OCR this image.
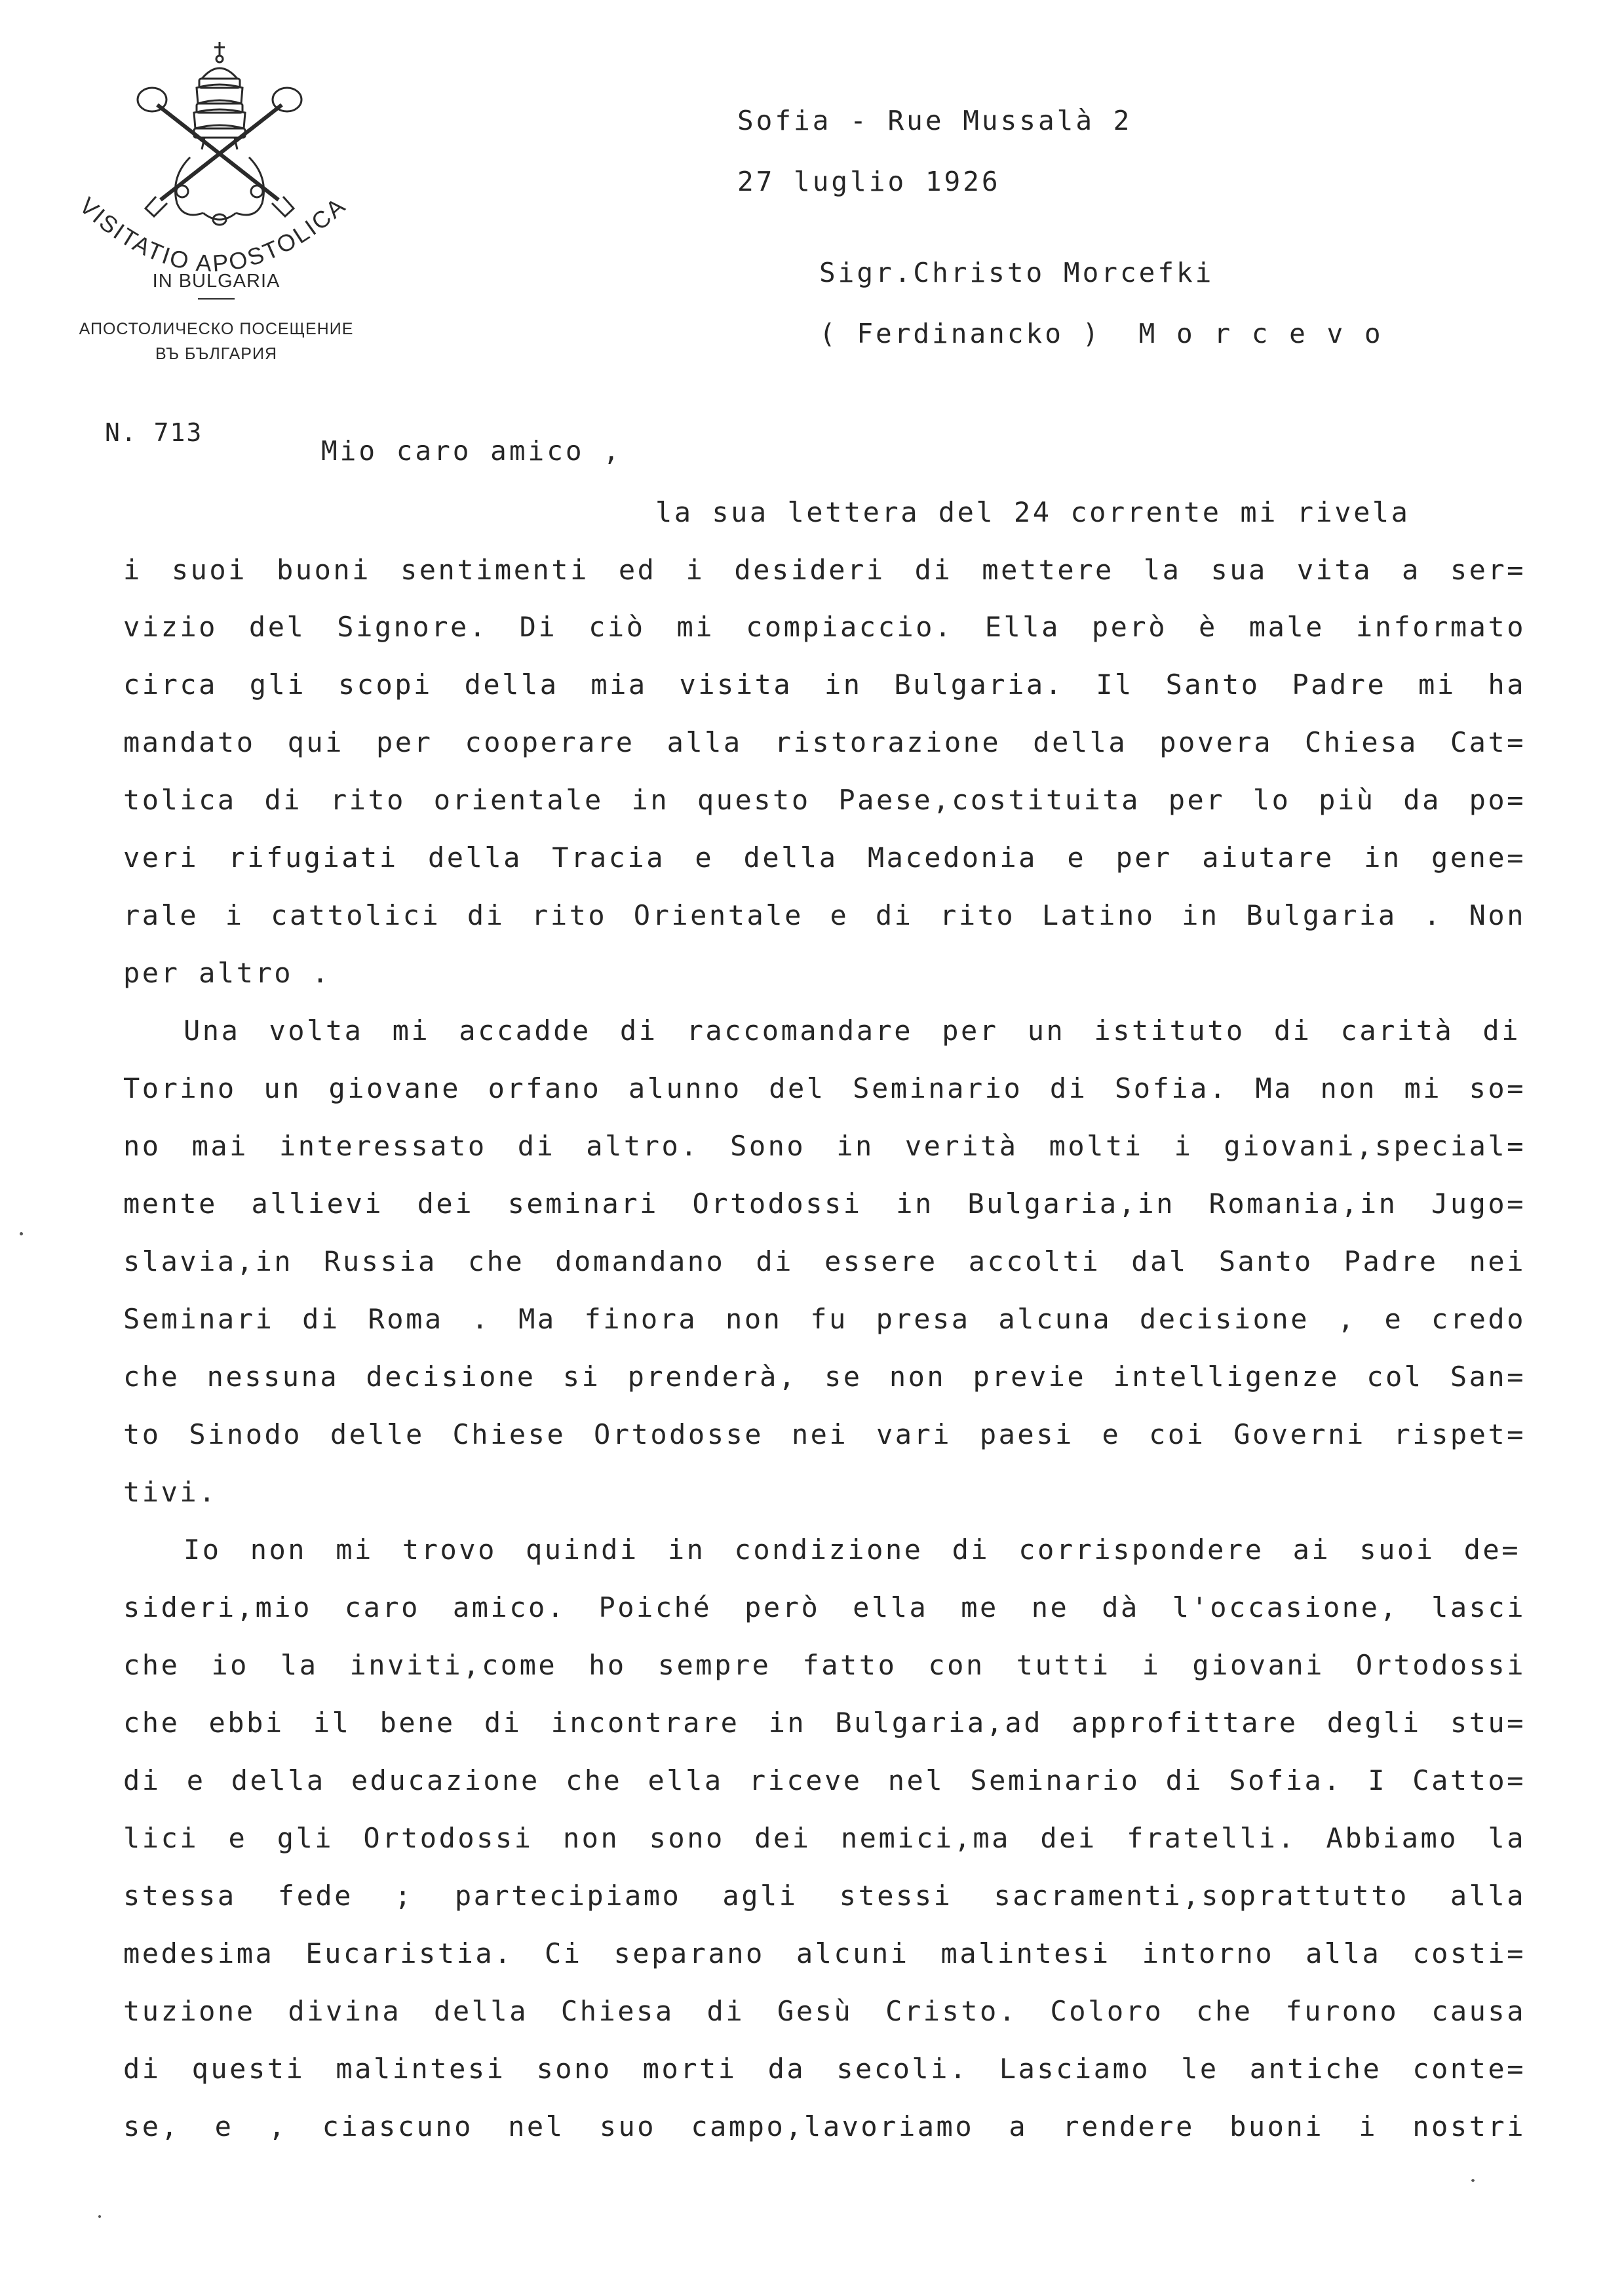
VISITATIO APOSTOLICA
IN BULGARIA
АПОСТОЛИЧЕСКО ПОСЕЩЕНИЕ
ВЪ БЪЛГАРИЯ
Sofia - Rue Mussalà 2
27 luglio 1926
Sigr.Christo Morcefki
( Ferdinancko )  M o r c e v o
N. 713
Mio caro amico ,
la sua lettera del 24 corrente mi rivela
i suoi buoni sentimenti ed i desideri di mettere la sua vita a ser=
vizio del Signore. Di ciò mi compiaccio. Ella però è male informato
circa gli scopi della mia visita in Bulgaria. Il Santo Padre mi ha
mandato qui per cooperare alla ristorazione della povera Chiesa Cat=
tolica di rito orientale in questo Paese,costituita per lo più da po=
veri rifugiati della Tracia e della Macedonia e per aiutare in gene=
rale i cattolici di rito Orientale e di rito Latino in Bulgaria . Non
per altro .
Una volta mi accadde di raccomandare per un istituto di carità di
Torino un giovane orfano alunno del Seminario di Sofia. Ma non mi so=
no mai interessato di altro. Sono in verità molti i giovani,special=
mente allievi dei seminari Ortodossi in Bulgaria,in Romania,in Jugo=
slavia,in Russia che domandano di essere accolti dal Santo Padre nei
Seminari di Roma . Ma finora non fu presa alcuna decisione , e credo
che nessuna decisione si prenderà, se non previe intelligenze col San=
to Sinodo delle Chiese Ortodosse nei vari paesi e coi Governi rispet=
tivi.
Io non mi trovo quindi in condizione di corrispondere ai suoi de=
sideri,mio caro amico. Poiché però ella me ne dà l'occasione, lasci
che io la inviti,come ho sempre fatto con tutti i giovani Ortodossi
che ebbi il bene di incontrare in Bulgaria,ad approfittare degli stu=
di e della educazione che ella riceve nel Seminario di Sofia. I Catto=
lici e gli Ortodossi non sono dei nemici,ma dei fratelli. Abbiamo la
stessa fede ; partecipiamo agli stessi sacramenti,soprattutto alla
medesima Eucaristia. Ci separano alcuni malintesi intorno alla costi=
tuzione divina della Chiesa di Gesù Cristo. Coloro che furono causa
di questi malintesi sono morti da secoli. Lasciamo le antiche conte=
se, e , ciascuno nel suo campo,lavoriamo a rendere buoni i nostri
